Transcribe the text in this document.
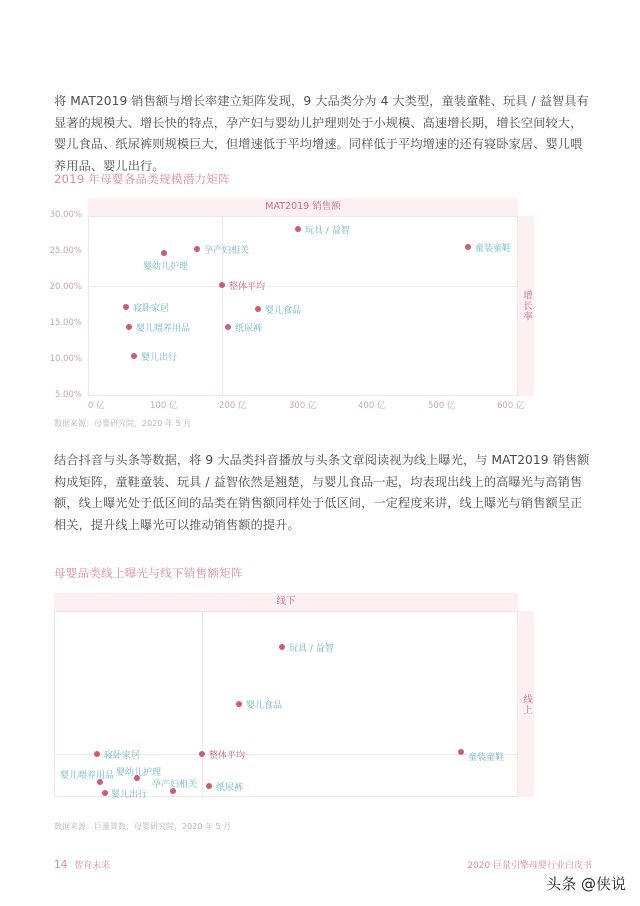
将 MAT2019 销售额与增长率建立矩阵发现，9 大品类分为 4 大类型，童装童鞋、玩具 / 益智具有显著的规模大、增长快的特点，孕产妇与婴幼儿护理则处于小规模、高速增长期，增长空间较大，婴儿食品、纸尿裤则规模巨大，但增速低于平均增速。同样低于平均增速的还有寝卧家居、婴儿喂养用品、婴儿出行。

2019 年母婴各品类规模潜力矩阵
MAT2019 销售额
增长率
30.00%
25.00%
20.00%
15.00%
10.00%
5.00%
0 亿	100 亿	200 亿	300 亿	400 亿	500 亿	600 亿
玩具 / 益智
童装童鞋
孕产妇相关
婴幼儿护理
整体平均
寝卧家居	婴儿食品
婴儿喂养用品	纸尿裤
婴儿出行
数据来源：母婴研究院，2020 年 5 月

结合抖音与头条等数据，将 9 大品类抖音播放与头条文章阅读视为线上曝光，与 MAT2019 销售额构成矩阵，童鞋童装、玩具 / 益智依然是翘楚，与婴儿食品一起，均表现出线上的高曝光与高销售额，线上曝光处于低区间的品类在销售额同样处于低区间，一定程度来讲，线上曝光与销售额呈正相关，提升线上曝光可以推动销售额的提升。

母婴品类线上曝光与线下销售额矩阵
线下
线上
玩具 / 益智
婴儿食品
童装童鞋
整体平均
寝卧家居
婴儿喂养用品 婴幼儿护理
孕产妇相关
婴儿出行
纸尿裤
数据来源：巨量算数，母婴研究院，2020 年 5 月
14 智育未来	2020 巨量引擎母婴行业白皮书
头条 @侠说
